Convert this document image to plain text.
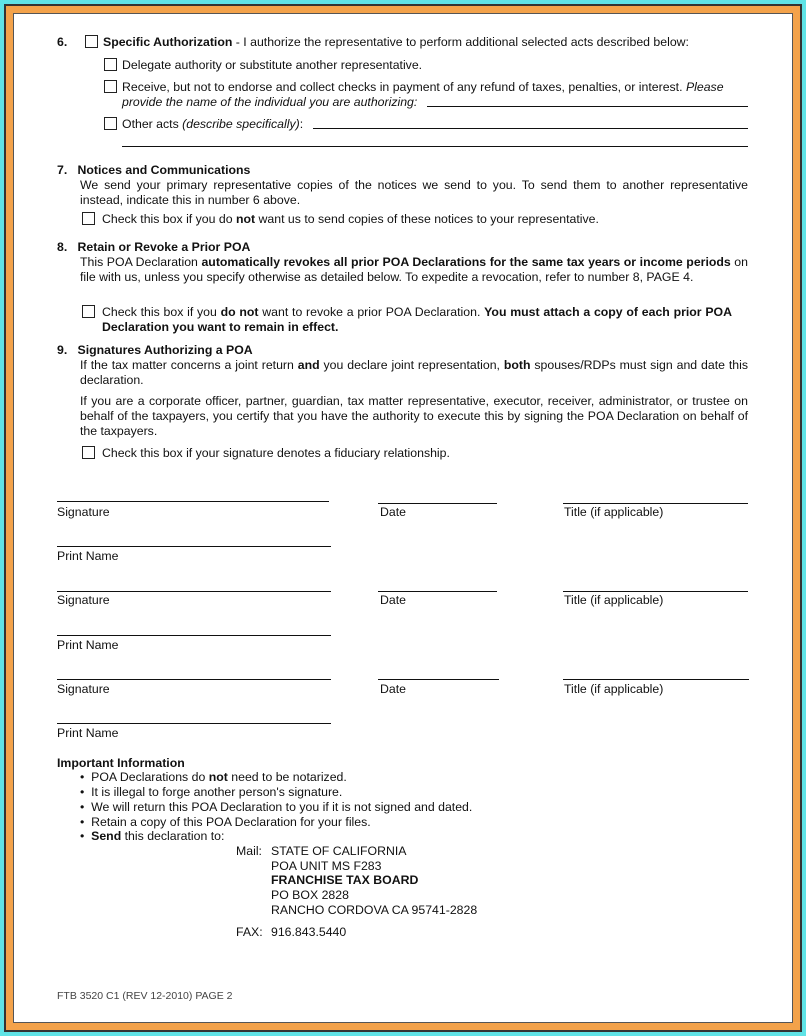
6.	Specific Authorization - I authorize the representative to perform additional selected acts described below:
Delegate authority or substitute another representative.
Receive, but not to endorse and collect checks in payment of any refund of taxes, penalties, or interest. Please
provide the name of the individual you are authorizing:
Other acts (describe specifically):
7. Notices and Communications
We send your primary representative copies of the notices we send to you. To send them to another representative instead, indicate this in number 6 above.
Check this box if you do not want us to send copies of these notices to your representative.
8. Retain or Revoke a Prior POA
This POA Declaration automatically revokes all prior POA Declarations for the same tax years or income periods on file with us, unless you specify otherwise as detailed below. To expedite a revocation, refer to number 8, PAGE 4.
Check this box if you do not want to revoke a prior POA Declaration. You must attach a copy of each prior POA Declaration you want to remain in effect.
9. Signatures Authorizing a POA
If the tax matter concerns a joint return and you declare joint representation, both spouses/RDPs must sign and date this declaration.
If you are a corporate officer, partner, guardian, tax matter representative, executor, receiver, administrator, or trustee on behalf of the taxpayers, you certify that you have the authority to execute this by signing the POA Declaration on behalf of the taxpayers.
Check this box if your signature denotes a fiduciary relationship.
Signature	Date	Title (if applicable)
Print Name
Signature	Date	Title (if applicable)
Print Name
Signature	Date	Title (if applicable)
Print Name
Important Information
•  POA Declarations do not need to be notarized.
•  It is illegal to forge another person's signature.
•  We will return this POA Declaration to you if it is not signed and dated.
•  Retain a copy of this POA Declaration for your files.
•  Send this declaration to:
Mail: STATE OF CALIFORNIA
POA UNIT MS F283
FRANCHISE TAX BOARD
PO BOX 2828
RANCHO CORDOVA CA 95741-2828
FAX: 916.843.5440
FTB 3520 C1 (REV 12-2010) PAGE 2
